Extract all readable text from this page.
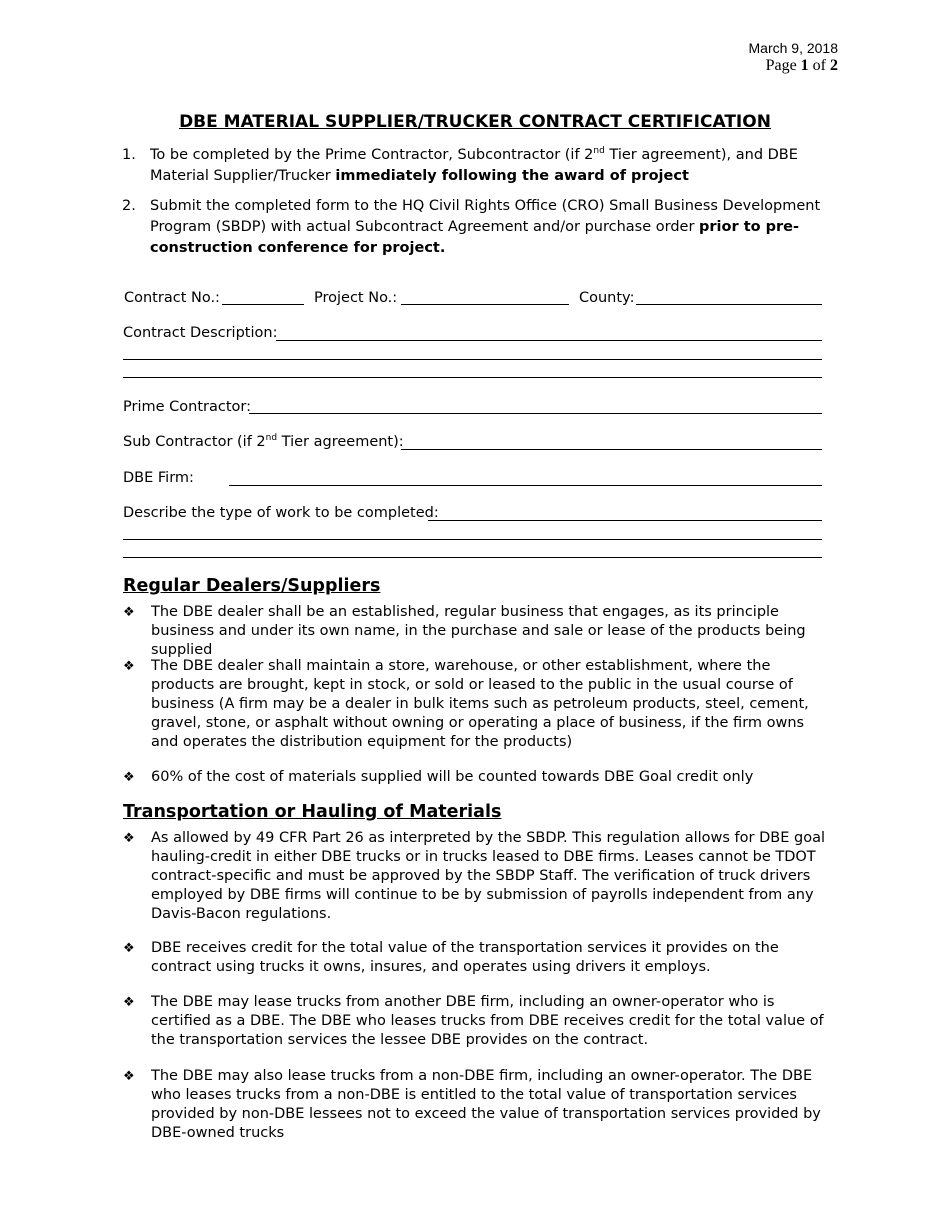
March 9, 2018
Page 1 of 2
DBE MATERIAL SUPPLIER/TRUCKER CONTRACT CERTIFICATION
1. To be completed by the Prime Contractor, Subcontractor (if 2nd Tier agreement), and DBE Material Supplier/Trucker immediately following the award of project
2. Submit the completed form to the HQ Civil Rights Office (CRO) Small Business Development Program (SBDP) with actual Subcontract Agreement and/or purchase order prior to pre-construction conference for project.
Contract No.:	Project No.:	County:
Contract Description:
Prime Contractor:
Sub Contractor (if 2nd Tier agreement):
DBE Firm:
Describe the type of work to be completed:
Regular Dealers/Suppliers
❖ The DBE dealer shall be an established, regular business that engages, as its principle business and under its own name, in the purchase and sale or lease of the products being supplied
❖ The DBE dealer shall maintain a store, warehouse, or other establishment, where the products are brought, kept in stock, or sold or leased to the public in the usual course of business (A firm may be a dealer in bulk items such as petroleum products, steel, cement, gravel, stone, or asphalt without owning or operating a place of business, if the firm owns and operates the distribution equipment for the products)
❖ 60% of the cost of materials supplied will be counted towards DBE Goal credit only
Transportation or Hauling of Materials
❖ As allowed by 49 CFR Part 26 as interpreted by the SBDP. This regulation allows for DBE goal hauling-credit in either DBE trucks or in trucks leased to DBE firms. Leases cannot be TDOT contract-specific and must be approved by the SBDP Staff. The verification of truck drivers employed by DBE firms will continue to be by submission of payrolls independent from any Davis-Bacon regulations.
❖ DBE receives credit for the total value of the transportation services it provides on the contract using trucks it owns, insures, and operates using drivers it employs.
❖ The DBE may lease trucks from another DBE firm, including an owner-operator who is certified as a DBE. The DBE who leases trucks from DBE receives credit for the total value of the transportation services the lessee DBE provides on the contract.
❖ The DBE may also lease trucks from a non-DBE firm, including an owner-operator. The DBE who leases trucks from a non-DBE is entitled to the total value of transportation services provided by non-DBE lessees not to exceed the value of transportation services provided by DBE-owned trucks
